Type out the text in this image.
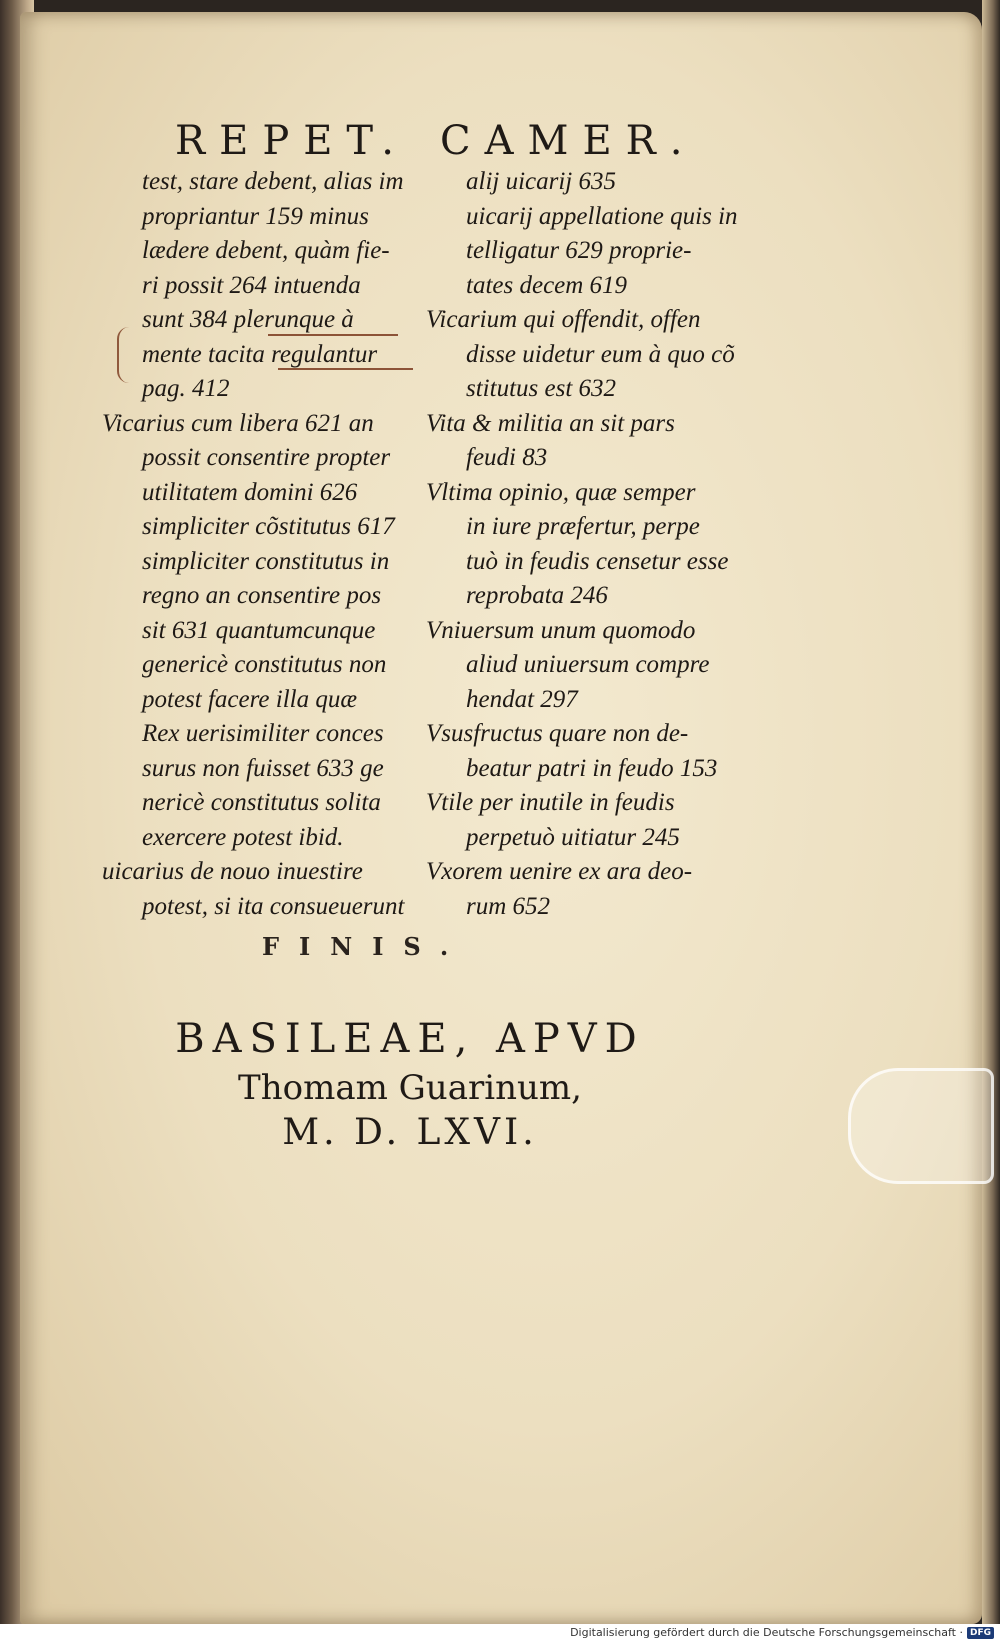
REPET. CAMER.
test, stare debent, alias im
propriantur 159 minus
lædere debent, quàm fie-
ri possit 264 intuenda
sunt 384 plerunque à
mente tacita regulantur
pag. 412
Vicarius cum libera 621 an
possit consentire propter
utilitatem domini 626
simpliciter cõstitutus 617
simpliciter constitutus in
regno an consentire pos
sit 631 quantumcunque
genericè constitutus non
potest facere illa quæ
Rex uerisimiliter conces
surus non fuisset 633 ge
nericè constitutus solita
exercere potest ibid.
uicarius de nouo inuestire
potest, si ita consueuerunt
alij uicarij 635
uicarij appellatione quis in
telligatur 629 proprie-
tates decem 619
Vicarium qui offendit, offen
disse uidetur eum à quo cõ
stitutus est 632
Vita & militia an sit pars
feudi 83
Vltima opinio, quæ semper
in iure præfertur, perpe
tuò in feudis censetur esse
reprobata 246
Vniuersum unum quomodo
aliud uniuersum compre
hendat 297
Vsusfructus quare non de-
beatur patri in feudo 153
Vtile per inutile in feudis
perpetuò uitiatur 245
Vxorem uenire ex ara deo-
rum 652
FINIS.
BASILEAE, APVD
Thomam Guarinum,
M. D. LXVI.
Digitalisierung gefördert durch die Deutsche Forschungsgemeinschaft · DFG
